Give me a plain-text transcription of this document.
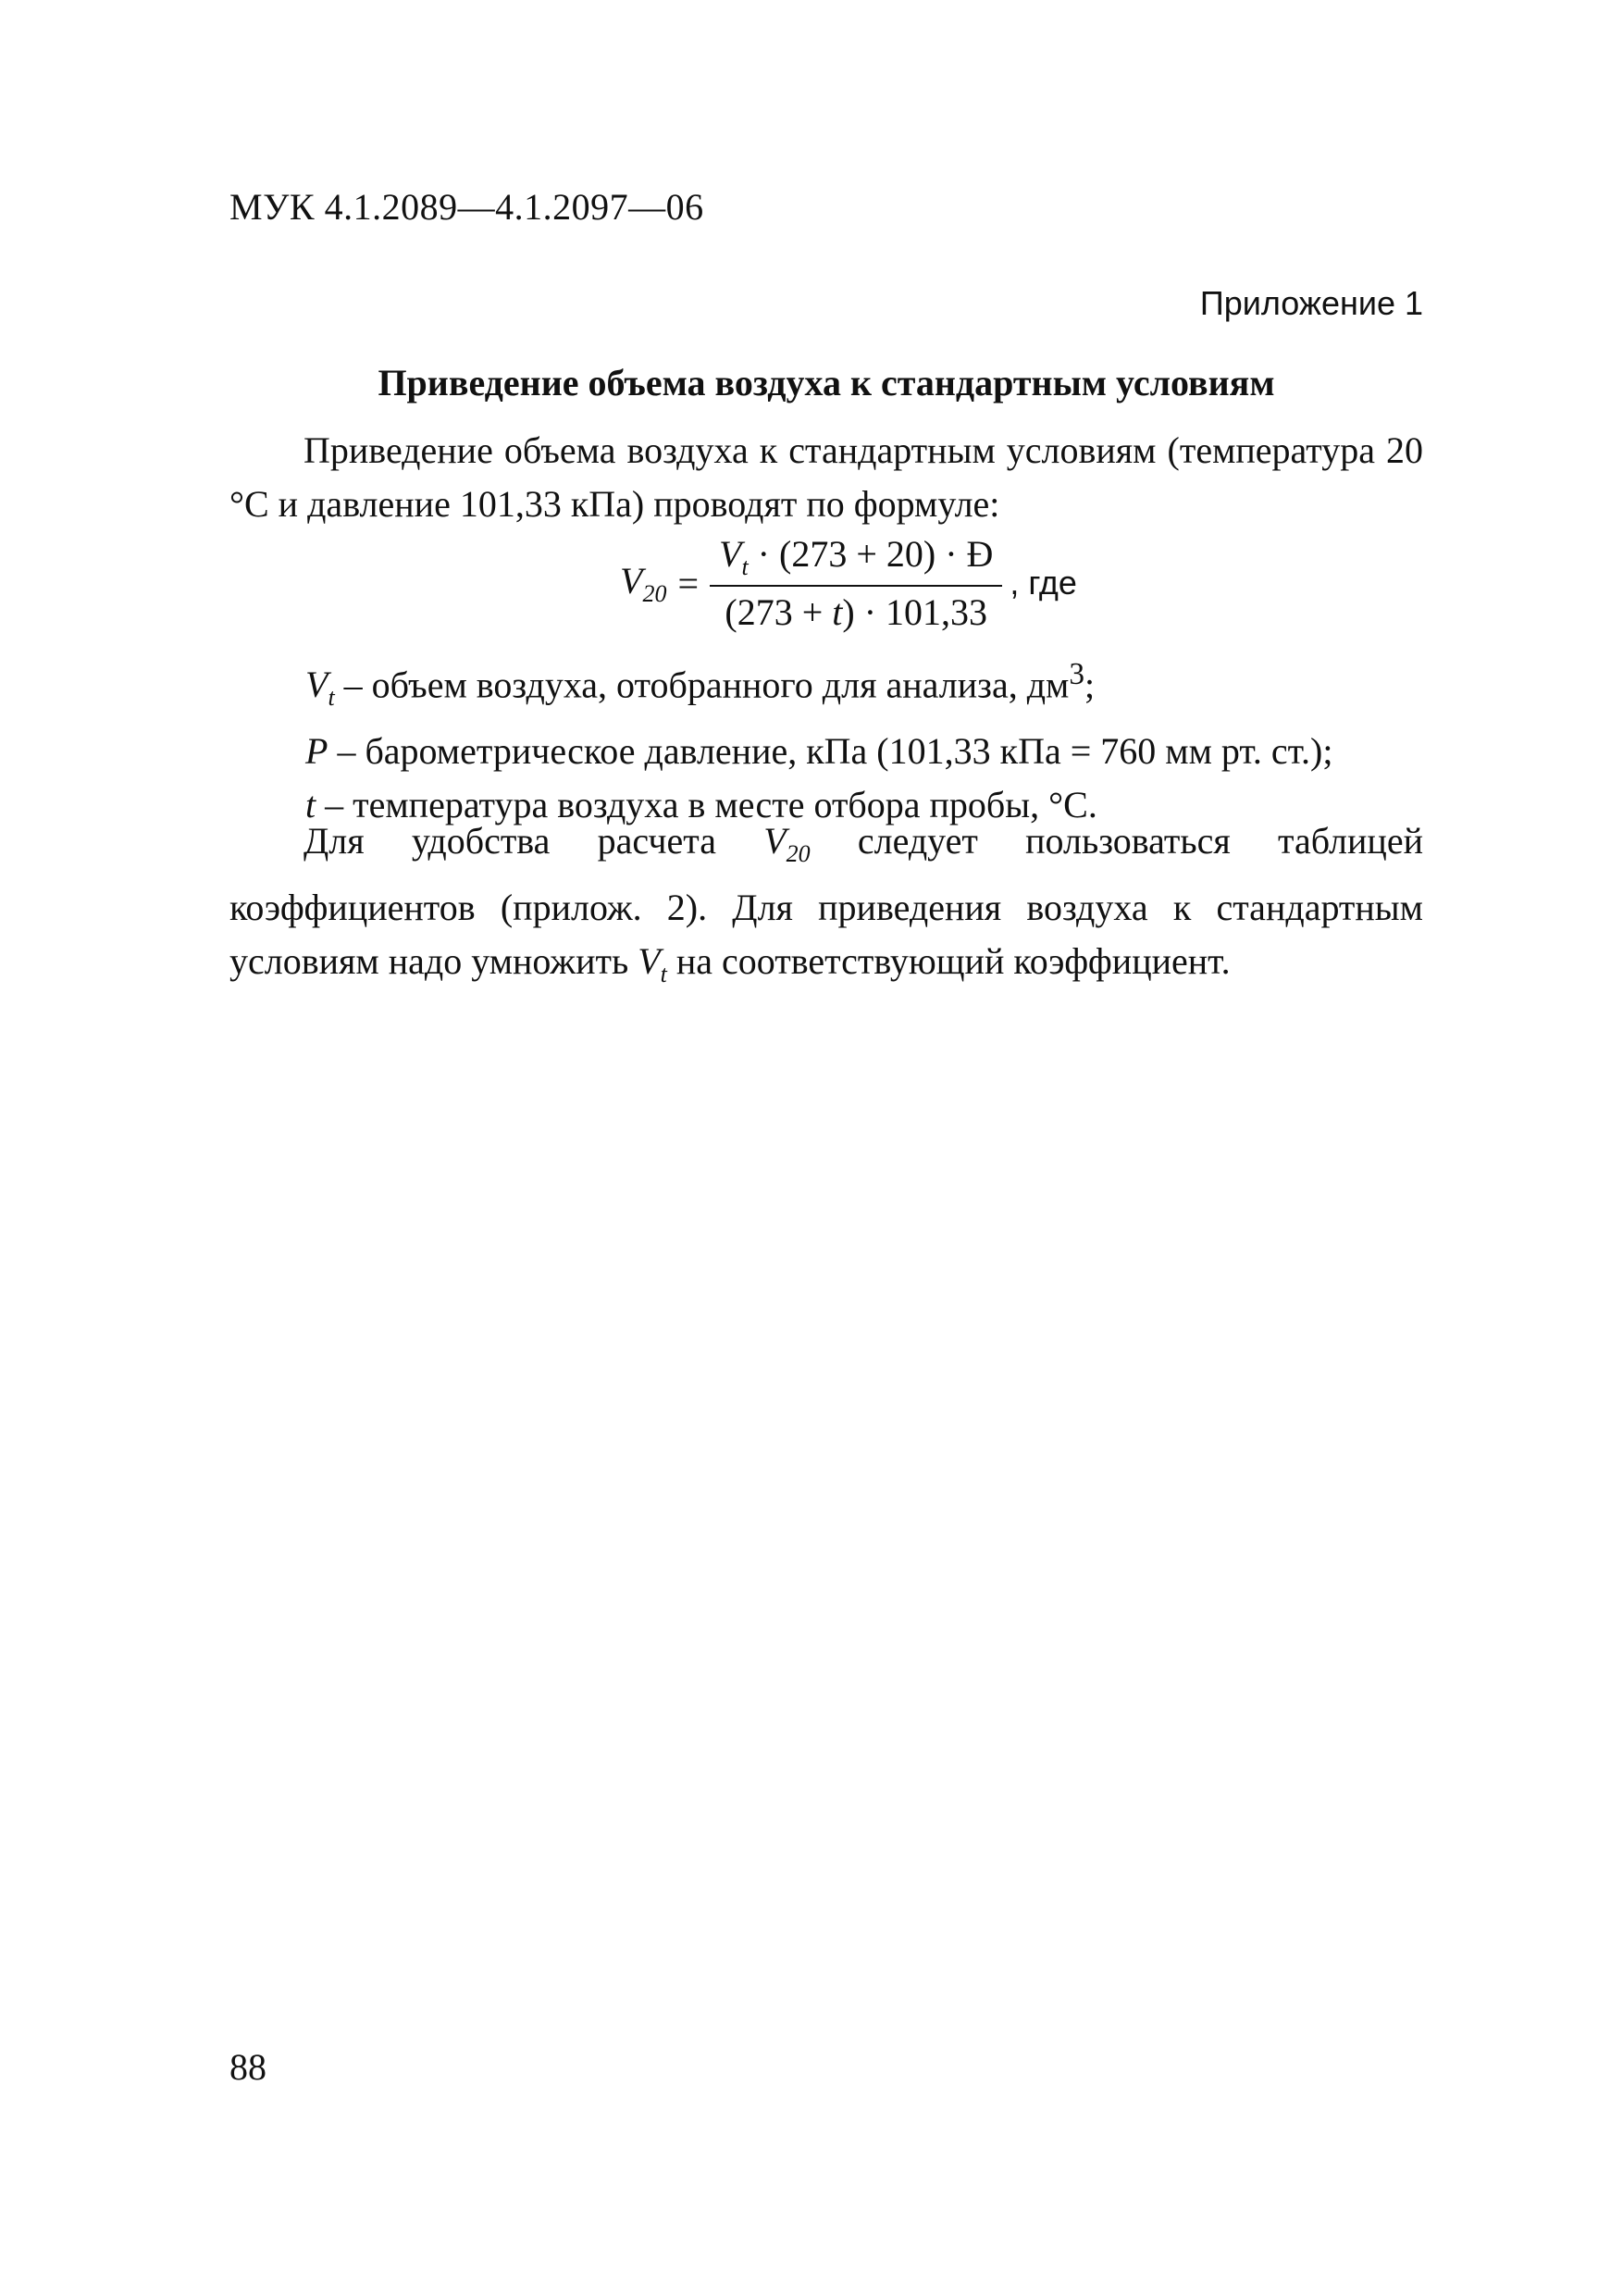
МУК 4.1.2089—4.1.2097—06
Приложение 1
Приведение объема воздуха к стандартным условиям

Приведение объема воздуха к стандартным условиям (температура 20 °С и давление 101,33 кПа) проводят по формуле:

$V_{20} = \frac{V_t \cdot (273 + 20) \cdot Ð}{(273 + t) \cdot 101,33}$ , где
$V_t$ – объем воздуха, отобранного для анализа, $дм^3$;
P – барометрическое давление, кПа (101,33 кПа = 760 мм рт. ст.);
t – температура воздуха в месте отбора пробы, °С.

Для удобства расчета $V_{20}$ следует пользоваться таблицей коэффициентов (прилож. 2). Для приведения воздуха к стандартным условиям надо умножить $V_t$ на соответствующий коэффициент.

88
